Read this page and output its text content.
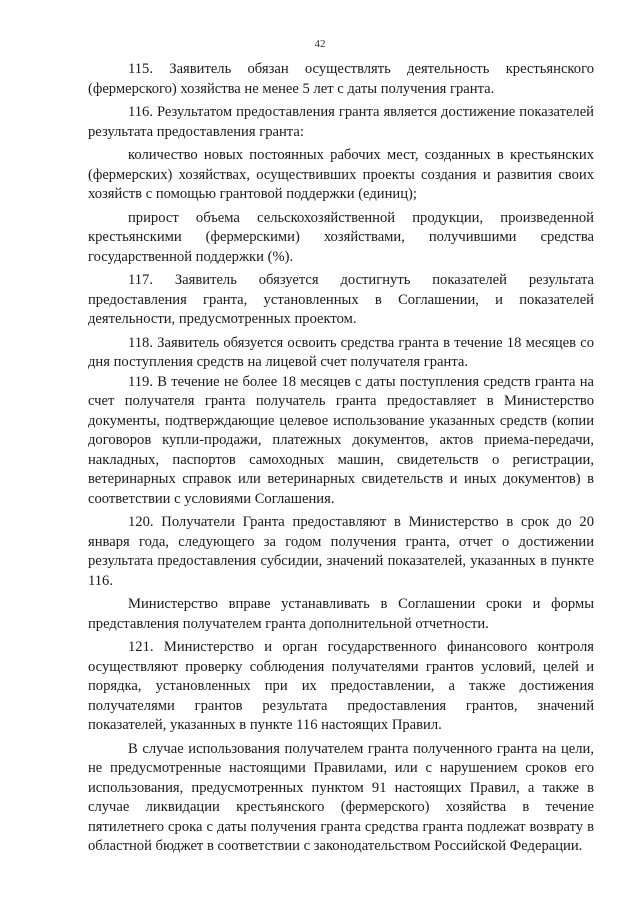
42

115. Заявитель обязан осуществлять деятельность крестьянского (фермерского) хозяйства не менее 5 лет с даты получения гранта.

116. Результатом предоставления гранта является достижение показателей результата предоставления гранта:

количество новых постоянных рабочих мест, созданных в крестьянских (фермерских) хозяйствах, осуществивших проекты создания и развития своих хозяйств с помощью грантовой поддержки (единиц);

прирост объема сельскохозяйственной продукции, произведенной крестьянскими (фермерскими) хозяйствами, получившими средства государственной поддержки (%).

117. Заявитель обязуется достигнуть показателей результата предоставления гранта, установленных в Соглашении, и показателей деятельности, предусмотренных проектом.

118. Заявитель обязуется освоить средства гранта в течение 18 месяцев со дня поступления средств на лицевой счет получателя гранта.

119. В течение не более 18 месяцев с даты поступления средств гранта на счет получателя гранта получатель гранта предоставляет в Министерство документы, подтверждающие целевое использование указанных средств (копии договоров купли-продажи, платежных документов, актов приема-передачи, накладных, паспортов самоходных машин, свидетельств о регистрации, ветеринарных справок или ветеринарных свидетельств и иных документов) в соответствии с условиями Соглашения.

120. Получатели Гранта предоставляют в Министерство в срок до 20 января года, следующего за годом получения гранта, отчет о достижении результата предоставления субсидии, значений показателей, указанных в пункте 116.

Министерство вправе устанавливать в Соглашении сроки и формы представления получателем гранта дополнительной отчетности.

121. Министерство и орган государственного финансового контроля осуществляют проверку соблюдения получателями грантов условий, целей и порядка, установленных при их предоставлении, а также достижения получателями грантов результата предоставления грантов, значений показателей, указанных в пункте 116 настоящих Правил.

В случае использования получателем гранта полученного гранта на цели, не предусмотренные настоящими Правилами, или с нарушением сроков его использования, предусмотренных пунктом 91 настоящих Правил, а также в случае ликвидации крестьянского (фермерского) хозяйства в течение пятилетнего срока с даты получения гранта средства гранта подлежат возврату в областной бюджет в соответствии с законодательством Российской Федерации.
